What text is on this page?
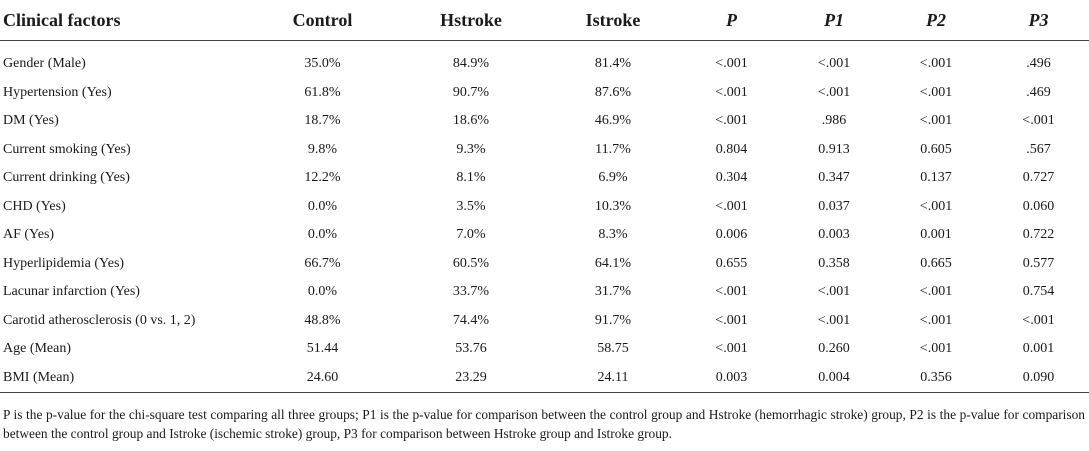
Clinical factors	Control	Hstroke	Istroke	P	P1	P2	P3

Gender (Male)	35.0%	84.9%	81.4%	<.001	<.001	<.001	.496
Hypertension (Yes)	61.8%	90.7%	87.6%	<.001	<.001	<.001	.469
DM (Yes)	18.7%	18.6%	46.9%	<.001	.986	<.001	<.001
Current smoking (Yes)	9.8%	9.3%	11.7%	0.804	0.913	0.605	.567
Current drinking (Yes)	12.2%	8.1%	6.9%	0.304	0.347	0.137	0.727
CHD (Yes)	0.0%	3.5%	10.3%	<.001	0.037	<.001	0.060
AF (Yes)	0.0%	7.0%	8.3%	0.006	0.003	0.001	0.722
Hyperlipidemia (Yes)	66.7%	60.5%	64.1%	0.655	0.358	0.665	0.577
Lacunar infarction (Yes)	0.0%	33.7%	31.7%	<.001	<.001	<.001	0.754
Carotid atherosclerosis (0 vs. 1, 2)	48.8%	74.4%	91.7%	<.001	<.001	<.001	<.001
Age (Mean)	51.44	53.76	58.75	<.001	0.260	<.001	0.001
BMI (Mean)	24.60	23.29	24.11	0.003	0.004	0.356	0.090
P is the p-value for the chi-square test comparing all three groups; P1 is the p-value for comparison between the control group and Hstroke (hemorrhagic stroke) group, P2 is the p-value for comparison between the control group and Istroke (ischemic stroke) group, P3 for comparison between Hstroke group and Istroke group.
